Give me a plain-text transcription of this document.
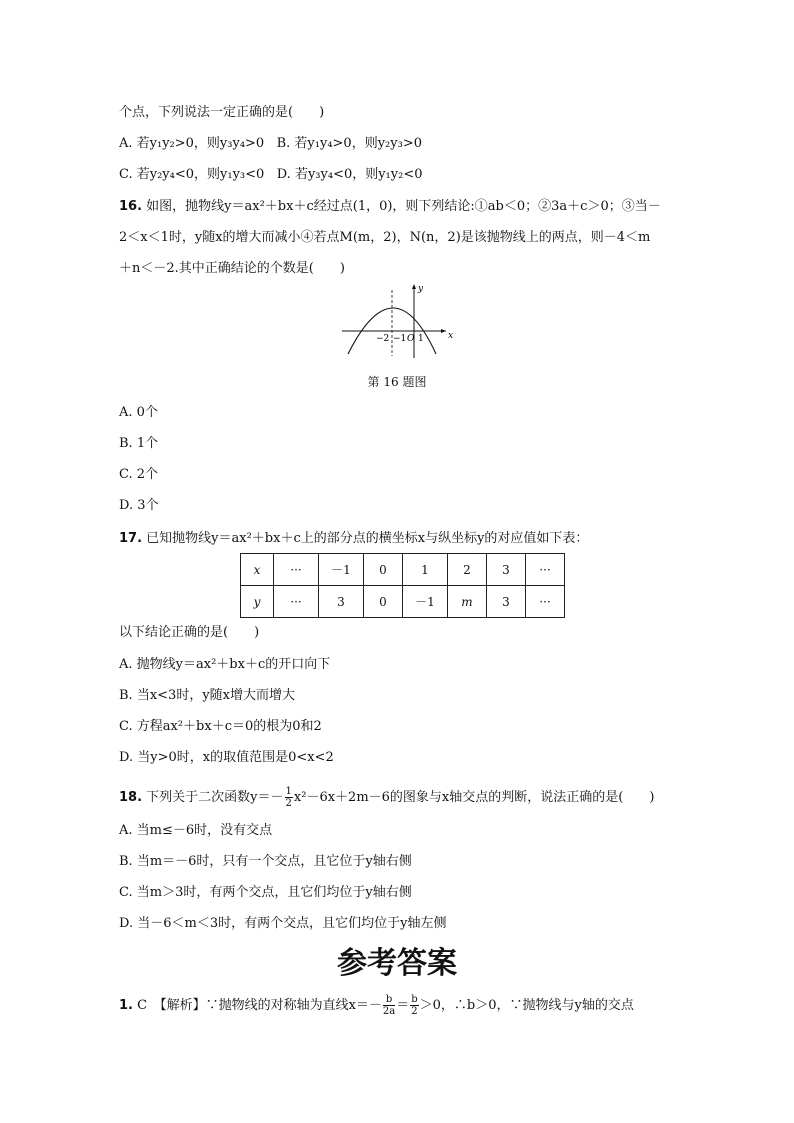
个点，下列说法一定正确的是(　　)
A. 若y₁y₂>0，则y₃y₄>0 B. 若y₁y₄>0，则y₂y₃>0
C. 若y₂y₄<0，则y₁y₃<0 D. 若y₃y₄<0，则y₁y₂<0
16. 如图，抛物线y＝ax²＋bx＋c经过点(1，0)，则下列结论:①ab＜0；②3a＋c＞0；③当－
2＜x＜1时，y随x的增大而减小④若点M(m，2)，N(n，2)是该抛物线上的两点，则－4＜m
＋n＜－2.其中正确结论的个数是(　　)
x
y
−2 −1 O 1
第 16 题图
A. 0个
B. 1个
C. 2个
D. 3个
17. 已知抛物线y＝ax²＋bx＋c上的部分点的横坐标x与纵坐标y的对应值如下表：
x	···	－1	0	1	2	3	···
y	···	3	0	－1	m	3	···
以下结论正确的是(　　)
A. 抛物线y＝ax²＋bx＋c的开口向下
B. 当x<3时，y随x增大而增大
C. 方程ax²＋bx＋c＝0的根为0和2
D. 当y>0时，x的取值范围是0<x<2
18. 下列关于二次函数$y=- \frac{1}{2} x^2-6x+2m-6$的图象与x轴交点的判断，说法正确的是(　　)
A. 当m≤－6时，没有交点
B. 当m＝－6时，只有一个交点，且它位于y轴右侧
C. 当m＞3时，有两个交点，且它们均位于y轴右侧
D. 当－6＜m＜3时，有两个交点，且它们均位于y轴左侧
参考答案
1. C　【解析】∵抛物线的对称轴为直线$x=- \frac{b}{2a} = \frac{b}{2} >0$，∴b＞0，∵抛物线与y轴的交点
